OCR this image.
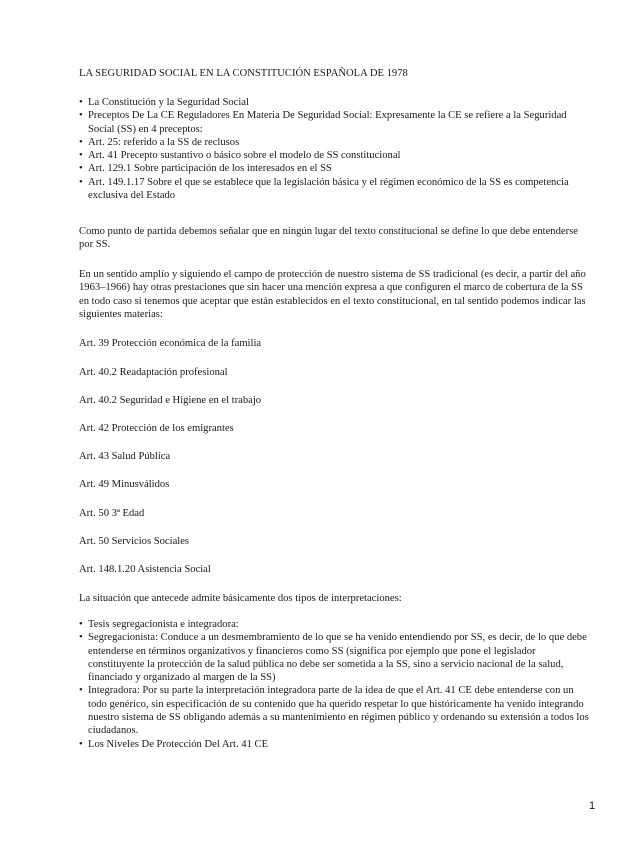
LA SEGURIDAD SOCIAL EN LA CONSTITUCIÓN ESPAÑOLA DE 1978
• La Constitución y la Seguridad Social
• Preceptos De La CE Reguladores En Materia De Seguridad Social: Expresamente la CE se refiere a la Seguridad Social (SS) en 4 preceptos:
• Art. 25: referido a la SS de reclusos
• Art. 41 Precepto sustantivo o básico sobre el modelo de SS constitucional
• Art. 129.1 Sobre participación de los interesados en el SS
• Art. 149.1.17 Sobre el que se establece que la legislación básica y el régimen económico de la SS es competencia exclusiva del Estado

Como punto de partida debemos señalar que en ningún lugar del texto constitucional se define lo que debe entenderse por SS.

En un sentido amplío y siguiendo el campo de protección de nuestro sistema de SS tradicional (es decir, a partir del año 1963–1966) hay otras prestaciones que sin hacer una mención expresa a que configuren el marco de cobertura de la SS en todo caso si tenemos que aceptar que están establecidos en el texto constitucional, en tal sentido podemos indicar las siguientes materias:

Art. 39 Protección económica de la familia
Art. 40.2 Readaptación profesional
Art. 40.2 Seguridad e Higiene en el trabajo
Art. 42 Protección de los emigrantes
Art. 43 Salud Pública
Art. 49 Minusválidos
Art. 50 3ª Edad
Art. 50 Servicios Sociales
Art. 148.1.20 Asistencia Social

La situación que antecede admite básicamente dos tipos de interpretaciones:

• Tesis segregacionista e integradora:
• Segregacionista: Conduce a un desmembramiento de lo que se ha venido entendiendo por SS, es decir, de lo que debe entenderse en términos organizativos y financieros como SS (significa por ejemplo que pone el legislador constituyente la protección de la salud pública no debe ser sometida a la SS, sino a servicio nacional de la salud, financiado y organizado al margen de la SS)
• Integradora: Por su parte la interpretación integradora parte de la idea de que el Art. 41 CE debe entenderse con un todo genérico, sin especificación de su contenido que ha querido respetar lo que históricamente ha venido integrando nuestro sistema de SS obligando además a su mantenimiento en régimen público y ordenando su extensión a todos los ciudadanos.
• Los Niveles De Protección Del Art. 41 CE
1
